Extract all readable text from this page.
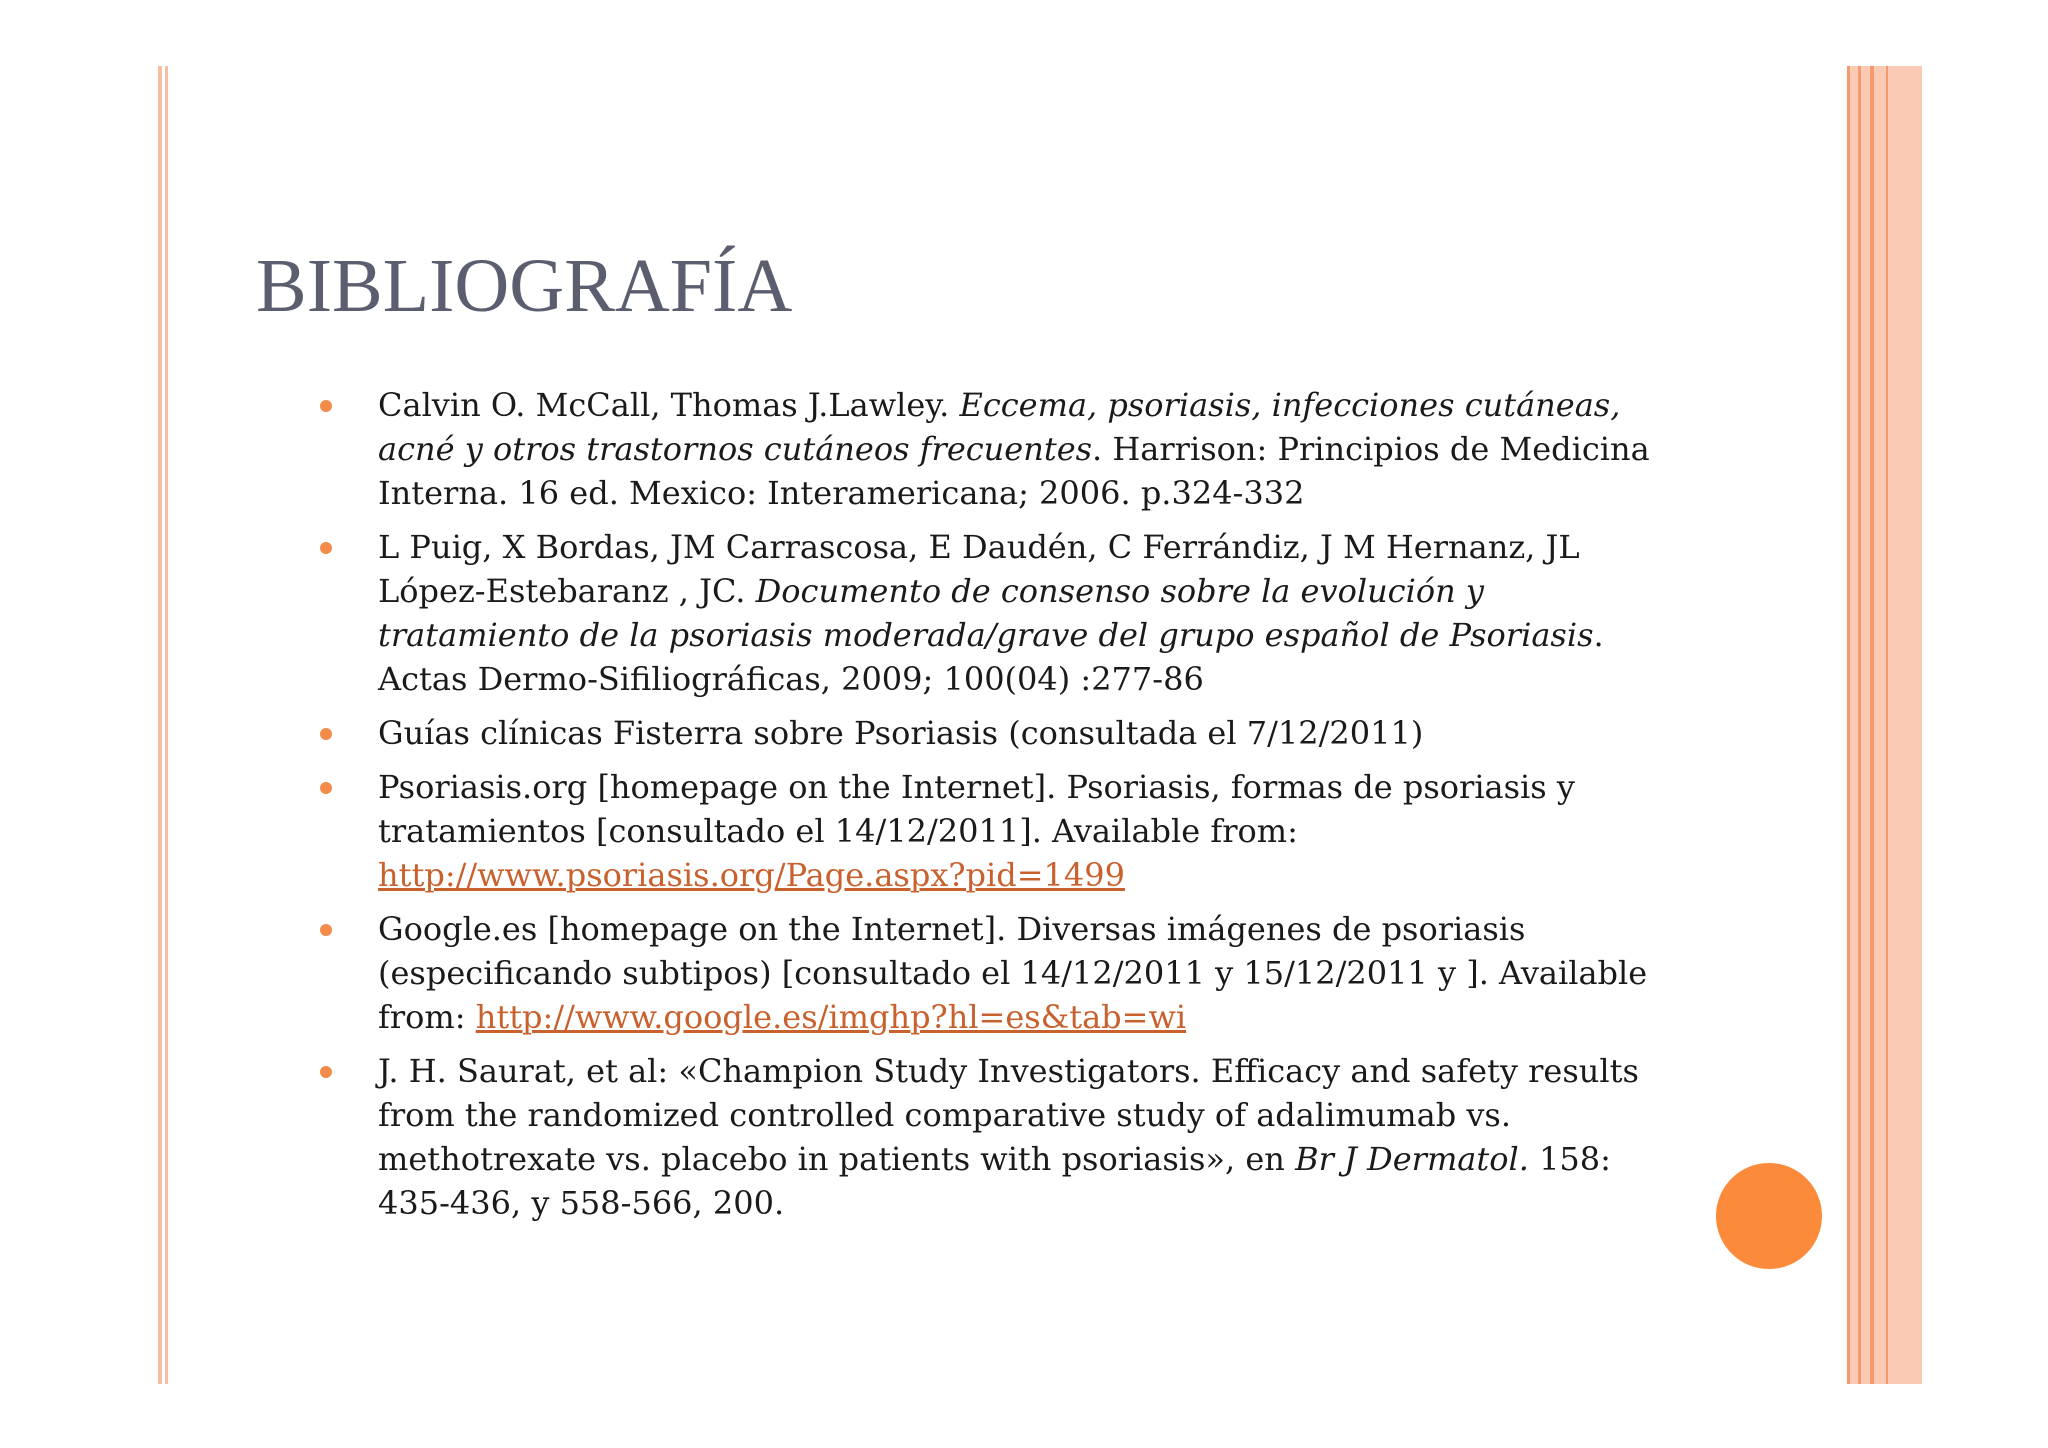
BIBLIOGRAFÍA
Calvin O. McCall, Thomas J.Lawley. Eccema, psoriasis, infecciones cutáneas, acné y otros trastornos cutáneos frecuentes. Harrison: Principios de Medicina Interna. 16 ed. Mexico: Interamericana; 2006. p.324-332
L Puig, X Bordas, JM Carrascosa, E Daudén, C Ferrándiz, J M Hernanz, JL López-Estebaranz , JC. Documento de consenso sobre la evolución y tratamiento de la psoriasis moderada/grave del grupo español de Psoriasis. Actas Dermo-Sifiliográficas, 2009; 100(04) :277-86
Guías clínicas Fisterra sobre Psoriasis (consultada el 7/12/2011)
Psoriasis.org [homepage on the Internet]. Psoriasis, formas de psoriasis y tratamientos [consultado el 14/12/2011]. Available from: http://www.psoriasis.org/Page.aspx?pid=1499
Google.es [homepage on the Internet]. Diversas imágenes de psoriasis (especificando subtipos) [consultado el 14/12/2011 y 15/12/2011 y ]. Available from: http://www.google.es/imghp?hl=es&tab=wi
J. H. Saurat, et al: «Champion Study Investigators. Efficacy and safety results from the randomized controlled comparative study of adalimumab vs. methotrexate vs. placebo in patients with psoriasis», en Br J Dermatol. 158: 435-436, y 558-566, 200.
